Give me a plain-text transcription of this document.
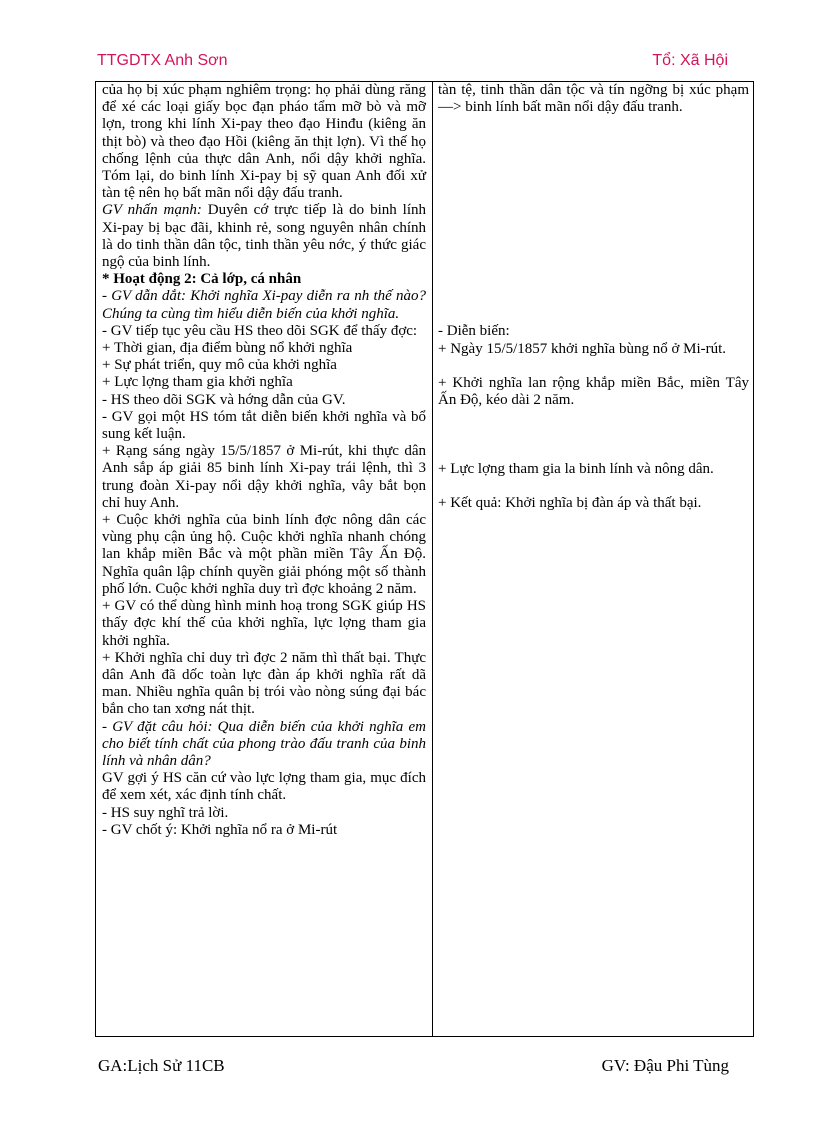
TTGDTX Anh Sơn	Tổ: Xã Hội

của họ bị xúc phạm nghiêm trọng: họ phải dùng răng để xé các loại giấy bọc đạn pháo tẩm mỡ bò và mỡ lợn, trong khi lính Xi-pay theo đạo Hinđu (kiêng ăn thịt bò) và theo đạo Hồi (kiêng ăn thịt lợn). Vì thế họ chống lệnh của thực dân Anh, nổi dậy khởi nghĩa. Tóm lại, do binh lính Xi-pay bị sỹ quan Anh đối xử tàn tệ nên họ bất mãn nổi dậy đấu tranh.

GV nhấn mạnh: Duyên cớ trực tiếp là do binh lính Xi-pay bị bạc đãi, khinh rẻ, song nguyên nhân chính là do tinh thần dân tộc, tinh thần yêu nớc, ý thức giác ngộ của binh lính.

* Hoạt động 2: Cả lớp, cá nhân

- GV dẫn dắt: Khởi nghĩa Xi-pay diễn ra nh thế nào? Chúng ta cùng tìm hiểu diễn biến của khởi nghĩa.

- GV tiếp tục yêu cầu HS theo dõi SGK để thấy đợc:

+ Thời gian, địa điểm bùng nổ khởi nghĩa

+ Sự phát triển, quy mô của khởi nghĩa

+ Lực lợng tham gia khởi nghĩa

- HS theo dõi SGK và hớng dẫn của GV.

- GV gọi một HS tóm tắt diễn biến khởi nghĩa và bổ sung kết luận.

+ Rạng sáng ngày 15/5/1857 ở Mi-rút, khi thực dân Anh sắp áp giải 85 binh lính Xi-pay trái lệnh, thì 3 trung đoàn Xi-pay nổi dậy khởi nghĩa, vây bắt bọn chỉ huy Anh.

+ Cuộc khởi nghĩa của binh lính đợc nông dân các vùng phụ cận ủng hộ. Cuộc khởi nghĩa nhanh chóng lan khắp miền Bắc và một phần miền Tây Ấn Độ. Nghĩa quân lập chính quyền giải phóng một số thành phố lớn. Cuộc khởi nghĩa duy trì đợc khoảng 2 năm.

+ GV có thể dùng hình minh hoạ trong SGK giúp HS thấy đợc khí thế của khởi nghĩa, lực lợng tham gia khởi nghĩa.

+ Khởi nghĩa chỉ duy trì đợc 2 năm thì thất bại. Thực dân Anh đã dốc toàn lực đàn áp khởi nghĩa rất dã man. Nhiều nghĩa quân bị trói vào nòng súng đại bác bắn cho tan xơng nát thịt.

- GV đặt câu hỏi: Qua diễn biến của khởi nghĩa em cho biết tính chất của phong trào đấu tranh của binh lính và nhân dân?

GV gợi ý HS căn cứ vào lực lợng tham gia, mục đích để xem xét, xác định tính chất.

- HS suy nghĩ trả lời.

- GV chốt ý: Khởi nghĩa nổ ra ở Mi-rút

tàn tệ, tinh thần dân tộc và tín ngỡng bị xúc phạm —> binh lính bất mãn nổi dậy đấu tranh.

- Diễn biến:

+ Ngày 15/5/1857 khởi nghĩa bùng nổ ở Mi-rút.

+ Khởi nghĩa lan rộng khắp miền Bắc, miền Tây Ấn Độ, kéo dài 2 năm.

+ Lực lợng tham gia la binh lính và nông dân.

+ Kết quả: Khởi nghĩa bị đàn áp và thất bại.

GA:Lịch Sử 11CB	GV: Đậu Phi Tùng
